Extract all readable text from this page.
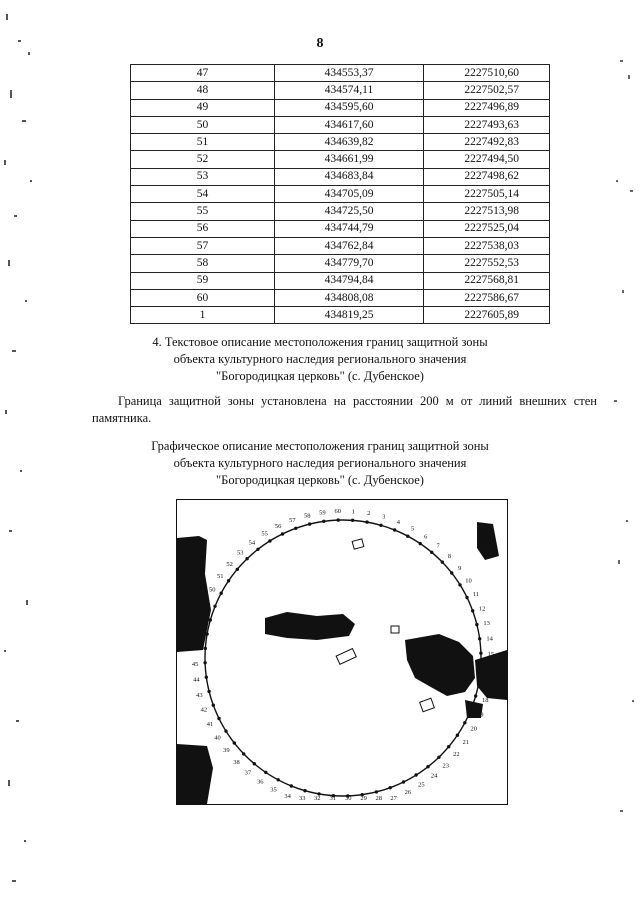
8
47	434553,37	2227510,60
48	434574,11	2227502,57
49	434595,60	2227496,89
50	434617,60	2227493,63
51	434639,82	2227492,83
52	434661,99	2227494,50
53	434683,84	2227498,62
54	434705,09	2227505,14
55	434725,50	2227513,98
56	434744,79	2227525,04
57	434762,84	2227538,03
58	434779,70	2227552,53
59	434794,84	2227568,81
60	434808,08	2227586,67
1	434819,25	2227605,89
4. Текстовое описание местоположения границ защитной зоны
объекта культурного наследия регионального значения
"Богородицкая церковь" (с. Дубенское)
Граница защитной зоны установлена на расстоянии 200 м от линий внешних стен памятника.
Графическое описание местоположения границ защитной зоны
объекта культурного наследия регионального значения
"Богородицкая церковь" (с. Дубенское)
1 2 3
4
5
6
7
8
9
10
11
12
13
14
15
16
17
18
19
20
21
22
23
24
25
26
27
28
29
30
31
32
33
34
35
36
37
38
39
40
41
42
43
44
45
46
47
48
49
50
51
52
53
54
55
56
57
58 59 60
